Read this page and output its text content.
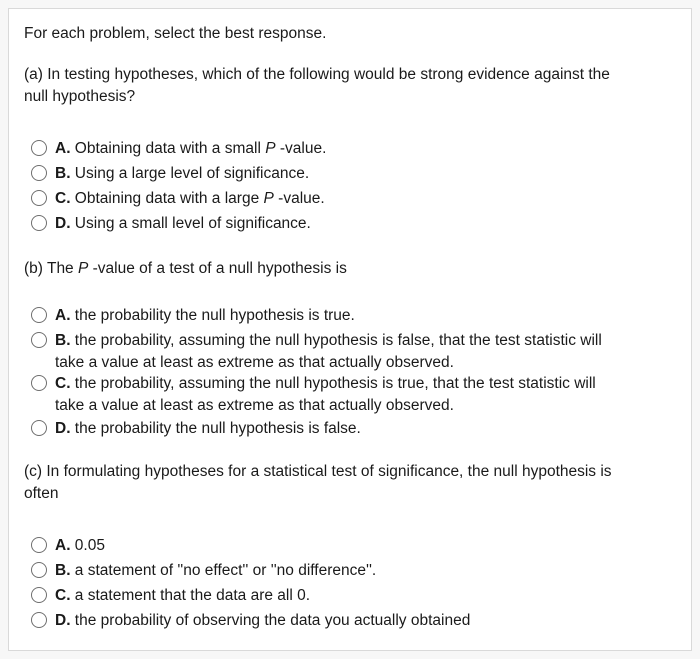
For each problem, select the best response.
(a) In testing hypotheses, which of the following would be strong evidence against the
null hypothesis?
A. Obtaining data with a small P -value.
B. Using a large level of significance.
C. Obtaining data with a large P -value.
D. Using a small level of significance.
(b) The P -value of a test of a null hypothesis is
A. the probability the null hypothesis is true.
B. the probability, assuming the null hypothesis is false, that the test statistic will
take a value at least as extreme as that actually observed.
C. the probability, assuming the null hypothesis is true, that the test statistic will
take a value at least as extreme as that actually observed.
D. the probability the null hypothesis is false.
(c) In formulating hypotheses for a statistical test of significance, the null hypothesis is
often
A. 0.05
B. a statement of ''no effect'' or ''no difference''.
C. a statement that the data are all 0.
D. the probability of observing the data you actually obtained
